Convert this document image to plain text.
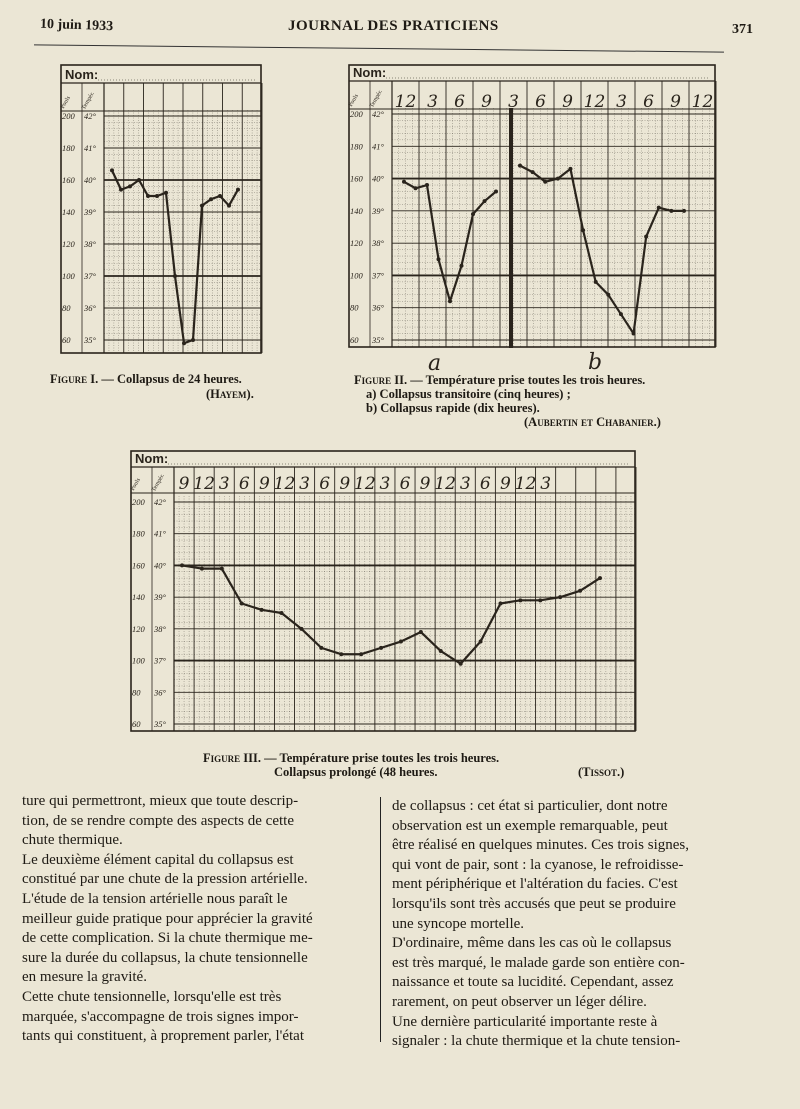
10 juin 1933	JOURNAL DES PRATICIENS	371
Nom:
Pouls Tempér.
200 42°
180 41°
160 40°
140 39°
120 38°
100 37°
80 36°
60 35°
Figure I. — Collapsus de 24 heures.
(Hayem).
Nom:
Pouls Tempér.
200 42°
180 41°
160 40°
140 39°
120 38°
100 37°
80 36°
60 35°
12 3 6 9 3 6 9 12 3 6 9 12
a	b
Figure II. — Température prise toutes les trois heures.
a) Collapsus transitoire (cinq heures) ;
b) Collapsus rapide (dix heures).
(Aubertin et Chabanier.)
Nom:
Pouls Tempér.
200 42°
180 41°
160 40°
140 39°
120 38°
100 37°
80 36°
60 35°
9 12 3 6 9 12 3 6 9 12 3 6 9 12 3 6 9 12 3
Figure III. — Température prise toutes les trois heures.
Collapsus prolongé (48 heures.	(Tissot.)
ture qui permettront, mieux que toute descrip-
tion, de se rendre compte des aspects de cette
chute thermique.
Le deuxième élément capital du collapsus est
constitué par une chute de la pression artérielle.
L'étude de la tension artérielle nous paraît le
meilleur guide pratique pour apprécier la gravité
de cette complication. Si la chute thermique me-
sure la durée du collapsus, la chute tensionnelle
en mesure la gravité.
Cette chute tensionnelle, lorsqu'elle est très
marquée, s'accompagne de trois signes impor-
tants qui constituent, à proprement parler, l'état
de collapsus : cet état si particulier, dont notre
observation est un exemple remarquable, peut
être réalisé en quelques minutes. Ces trois signes,
qui vont de pair, sont : la cyanose, le refroidisse-
ment périphérique et l'altération du facies. C'est
lorsqu'ils sont très accusés que peut se produire
une syncope mortelle.
D'ordinaire, même dans les cas où le collapsus
est très marqué, le malade garde son entière con-
naissance et toute sa lucidité. Cependant, assez
rarement, on peut observer un léger délire.
Une dernière particularité importante reste à
signaler : la chute thermique et la chute tension-
